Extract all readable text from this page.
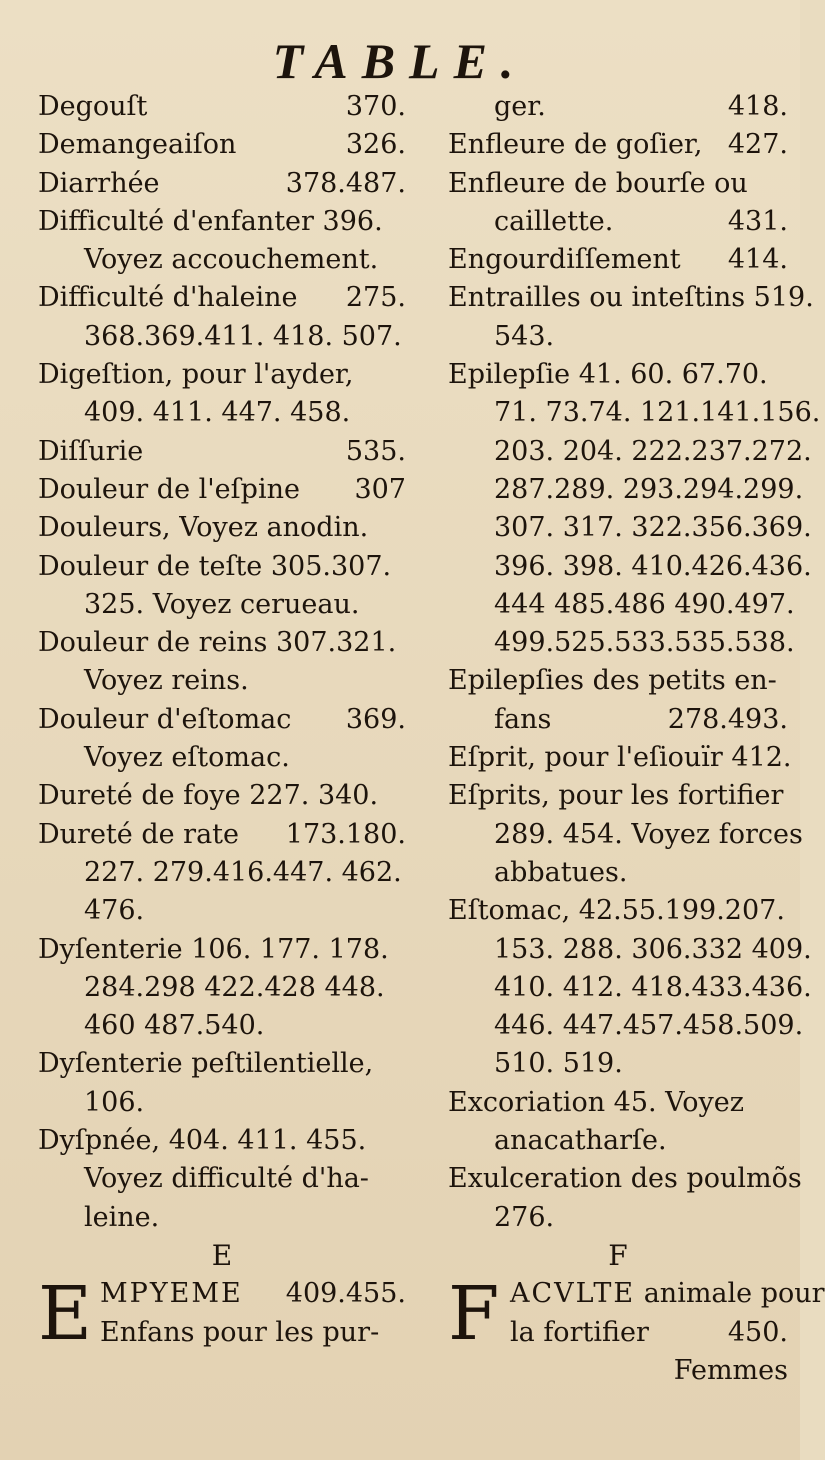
TABLE.
Degouſt	370.
Demangeaiſon	326.
Diarrhée	378.487.
Difficulté d'enfanter 396.
Voyez accouchement.
Difficulté d'haleine 275.
368.369.411. 418. 507.
Digeſtion, pour l'ayder,
409. 411. 447. 458.
Diſſurie	535.
Douleur de l'eſpine 307
Douleurs, Voyez anodin.
Douleur de teſte 305.307.
325. Voyez cerueau.
Douleur de reins 307.321.
Voyez reins.
Douleur d'eſtomac 369.
Voyez eſtomac.
Dureté de foye 227. 340.
Dureté de rate 173.180.
227. 279.416.447. 462.
476.
Dyſenterie 106. 177. 178.
284.298 422.428 448.
460 487.540.
Dyſenterie peſtilentielle,
106.
Dyſpnée, 404. 411. 455.
Voyez difficulté d'ha-
leine.
E
E MPYEME 409.455.
Enfans pour les pur-
ger.	418.
Enfleure de goſier, 427.
Enfleure de bourſe ou
caillette.	431.
Engourdiſſement 414.
Entrailles ou inteſtins 519.
543.
Epilepſie 41. 60. 67.70.
71. 73.74. 121.141.156.
203. 204. 222.237.272.
287.289. 293.294.299.
307. 317. 322.356.369.
396. 398. 410.426.436.
444 485.486 490.497.
499.525.533.535.538.
Epilepſies des petits en-
fans	278.493.
Eſprit, pour l'eſiouïr 412.
Eſprits, pour les fortifier
289. 454. Voyez forces
abbatues.
Eſtomac, 42.55.199.207.
153. 288. 306.332 409.
410. 412. 418.433.436.
446. 447.457.458.509.
510. 519.
Excoriation 45. Voyez
anacatharſe.
Exulceration des poulmõs
276.
F
F ACVLTE animale pour
la fortifier	450.
Femmes
